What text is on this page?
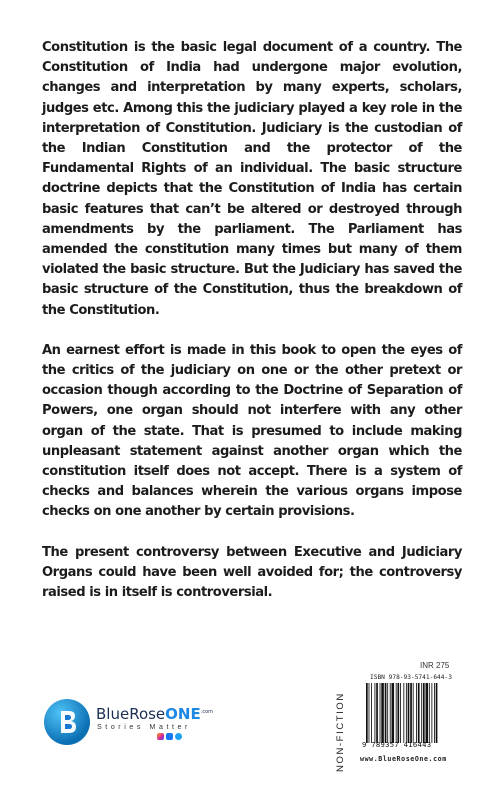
Constitution is the basic legal document of a country. The Constitution of India had undergone major evolution, changes and interpretation by many experts, scholars, judges etc. Among this the judiciary played a key role in the interpretation of Constitution. Judiciary is the custodian of the Indian Constitution and the protector of the Fundamental Rights of an individual. The basic structure doctrine depicts that the Constitution of India has certain basic features that can’t be altered or destroyed through amendments by the parliament. The Parliament has amended the constitution many times but many of them violated the basic structure. But the Judiciary has saved the basic structure of the Constitution, thus the breakdown of the Constitution.

An earnest effort is made in this book to open the eyes of the critics of the judiciary on one or the other pretext or occasion though according to the Doctrine of Separation of Powers, one organ should not interfere with any other organ of the state. That is presumed to include making unpleasant statement against another organ which the constitution itself does not accept. There is a system of checks and balances wherein the various organs impose checks on one another by certain provisions.

The present controversy between Executive and Judiciary Organs could have been well avoided for; the controversy raised is in itself is controversial.

BlueRoseONE$^{.com}$
Stories Matter	NON-FICTION
INR 275
ISBN 978-93-5741-644-3
9 789357 416443
www.BlueRoseOne.com
